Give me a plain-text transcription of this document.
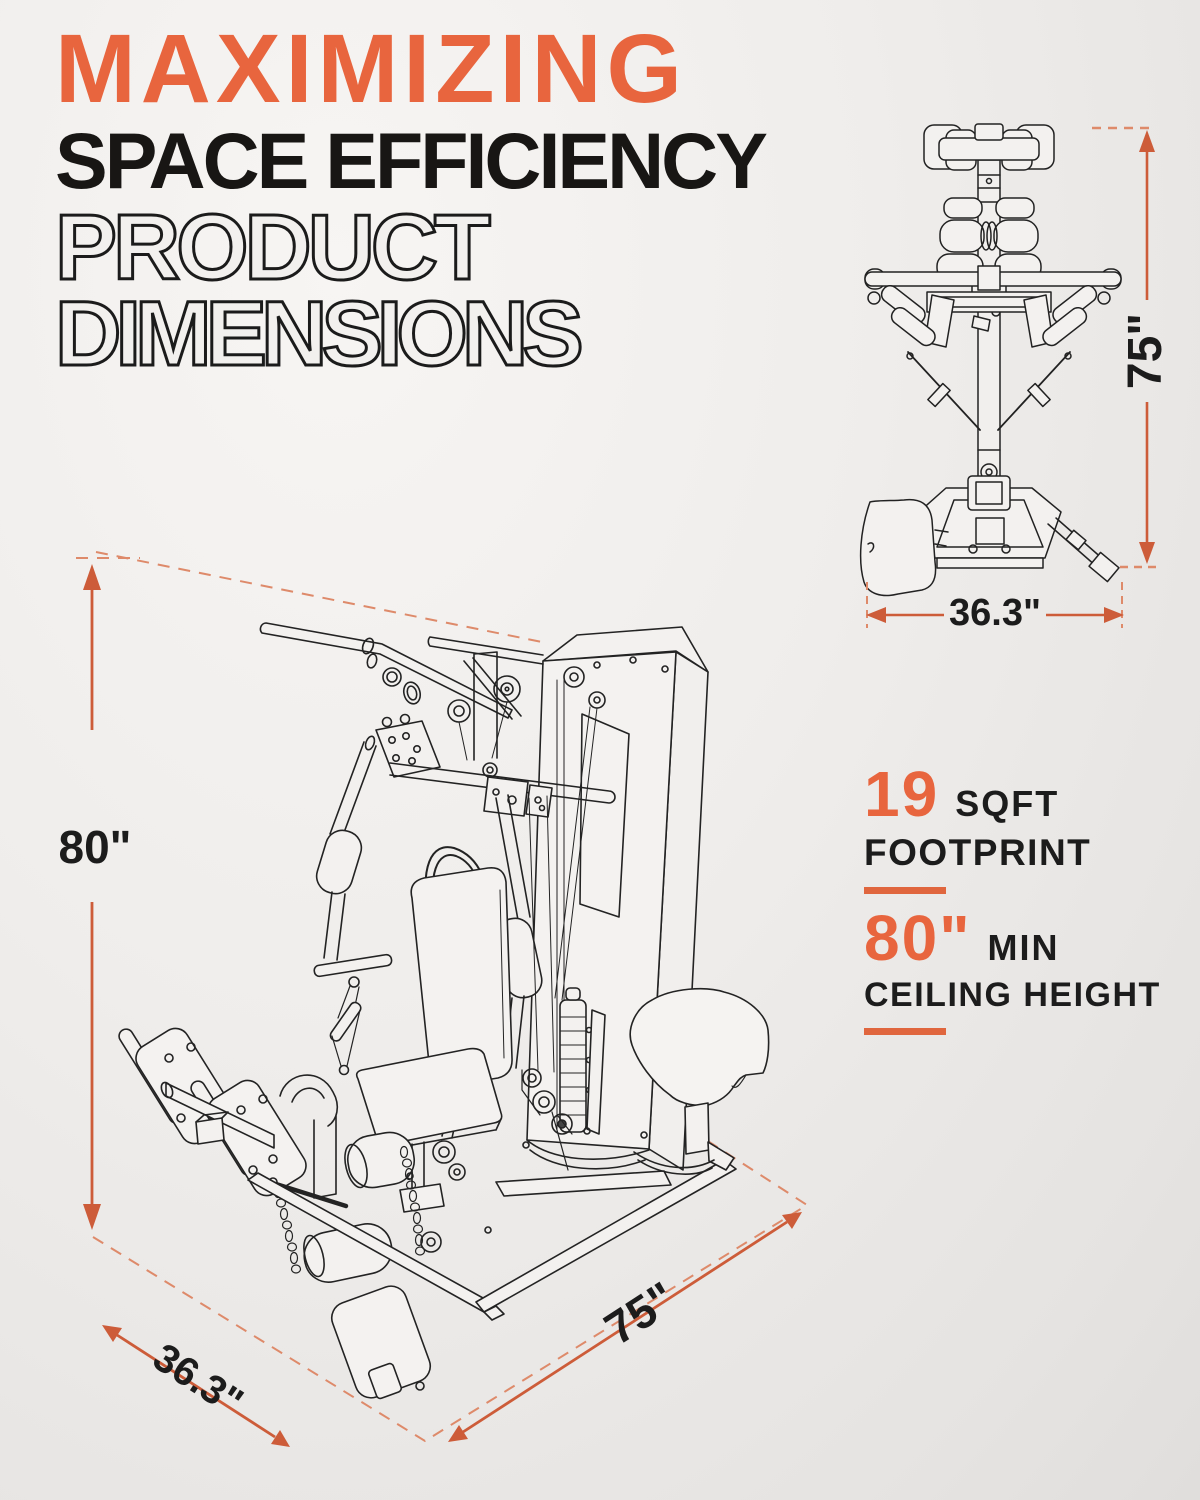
MAXIMIZING
SPACE EFFICIENCY
PRODUCT
DIMENSIONS
80"
75"
36.3"
75"
36.3"
19 SQFT
FOOTPRINT
80" MIN
CEILING HEIGHT
